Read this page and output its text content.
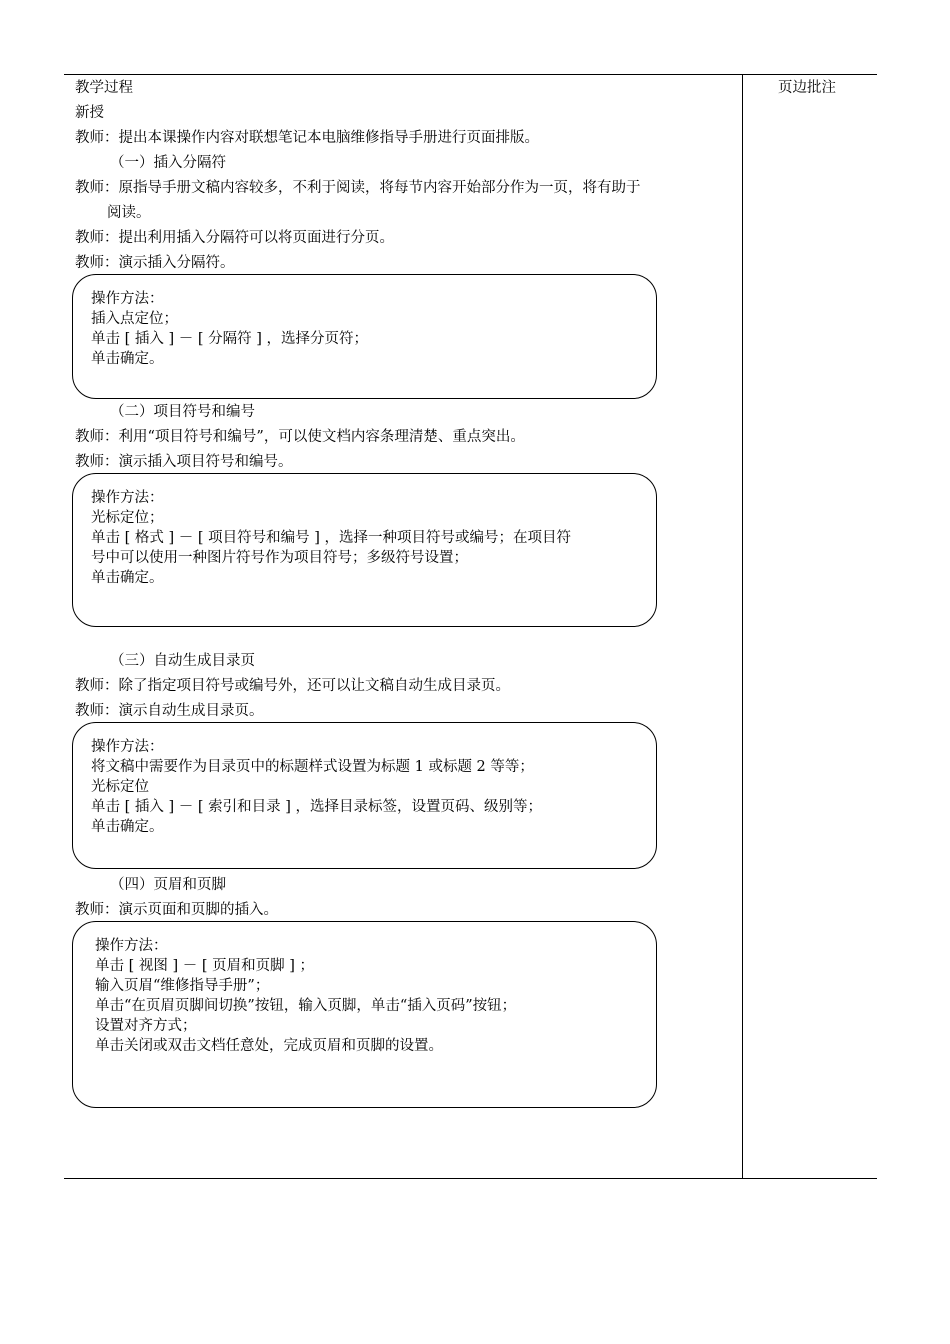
教学过程	页边批注
新授
教师：提出本课操作内容对联想笔记本电脑维修指导手册进行页面排版。
（一）插入分隔符
教师：原指导手册文稿内容较多，不利于阅读，将每节内容开始部分作为一页，将有助于
阅读。
教师：提出利用插入分隔符可以将页面进行分页。
教师：演示插入分隔符。
操作方法：
插入点定位；
单击 [ 插入 ] － [ 分隔符 ] ，选择分页符；
单击确定。
（二）项目符号和编号
教师：利用“项目符号和编号”，可以使文档内容条理清楚、重点突出。
教师：演示插入项目符号和编号。
操作方法：
光标定位；
单击 [ 格式 ] － [ 项目符号和编号 ] ，选择一种项目符号或编号；在项目符
号中可以使用一种图片符号作为项目符号；多级符号设置；
单击确定。
（三）自动生成目录页
教师：除了指定项目符号或编号外，还可以让文稿自动生成目录页。
教师：演示自动生成目录页。
操作方法：
将文稿中需要作为目录页中的标题样式设置为标题 1 或标题 2 等等；
光标定位
单击 [ 插入 ] － [ 索引和目录 ] ，选择目录标签，设置页码、级别等；
单击确定。
（四）页眉和页脚
教师：演示页面和页脚的插入。
操作方法：
单击 [ 视图 ] － [ 页眉和页脚 ] ；
输入页眉“维修指导手册”；
单击“在页眉页脚间切换”按钮，输入页脚，单击“插入页码”按钮；
设置对齐方式；
单击关闭或双击文档任意处，完成页眉和页脚的设置。
